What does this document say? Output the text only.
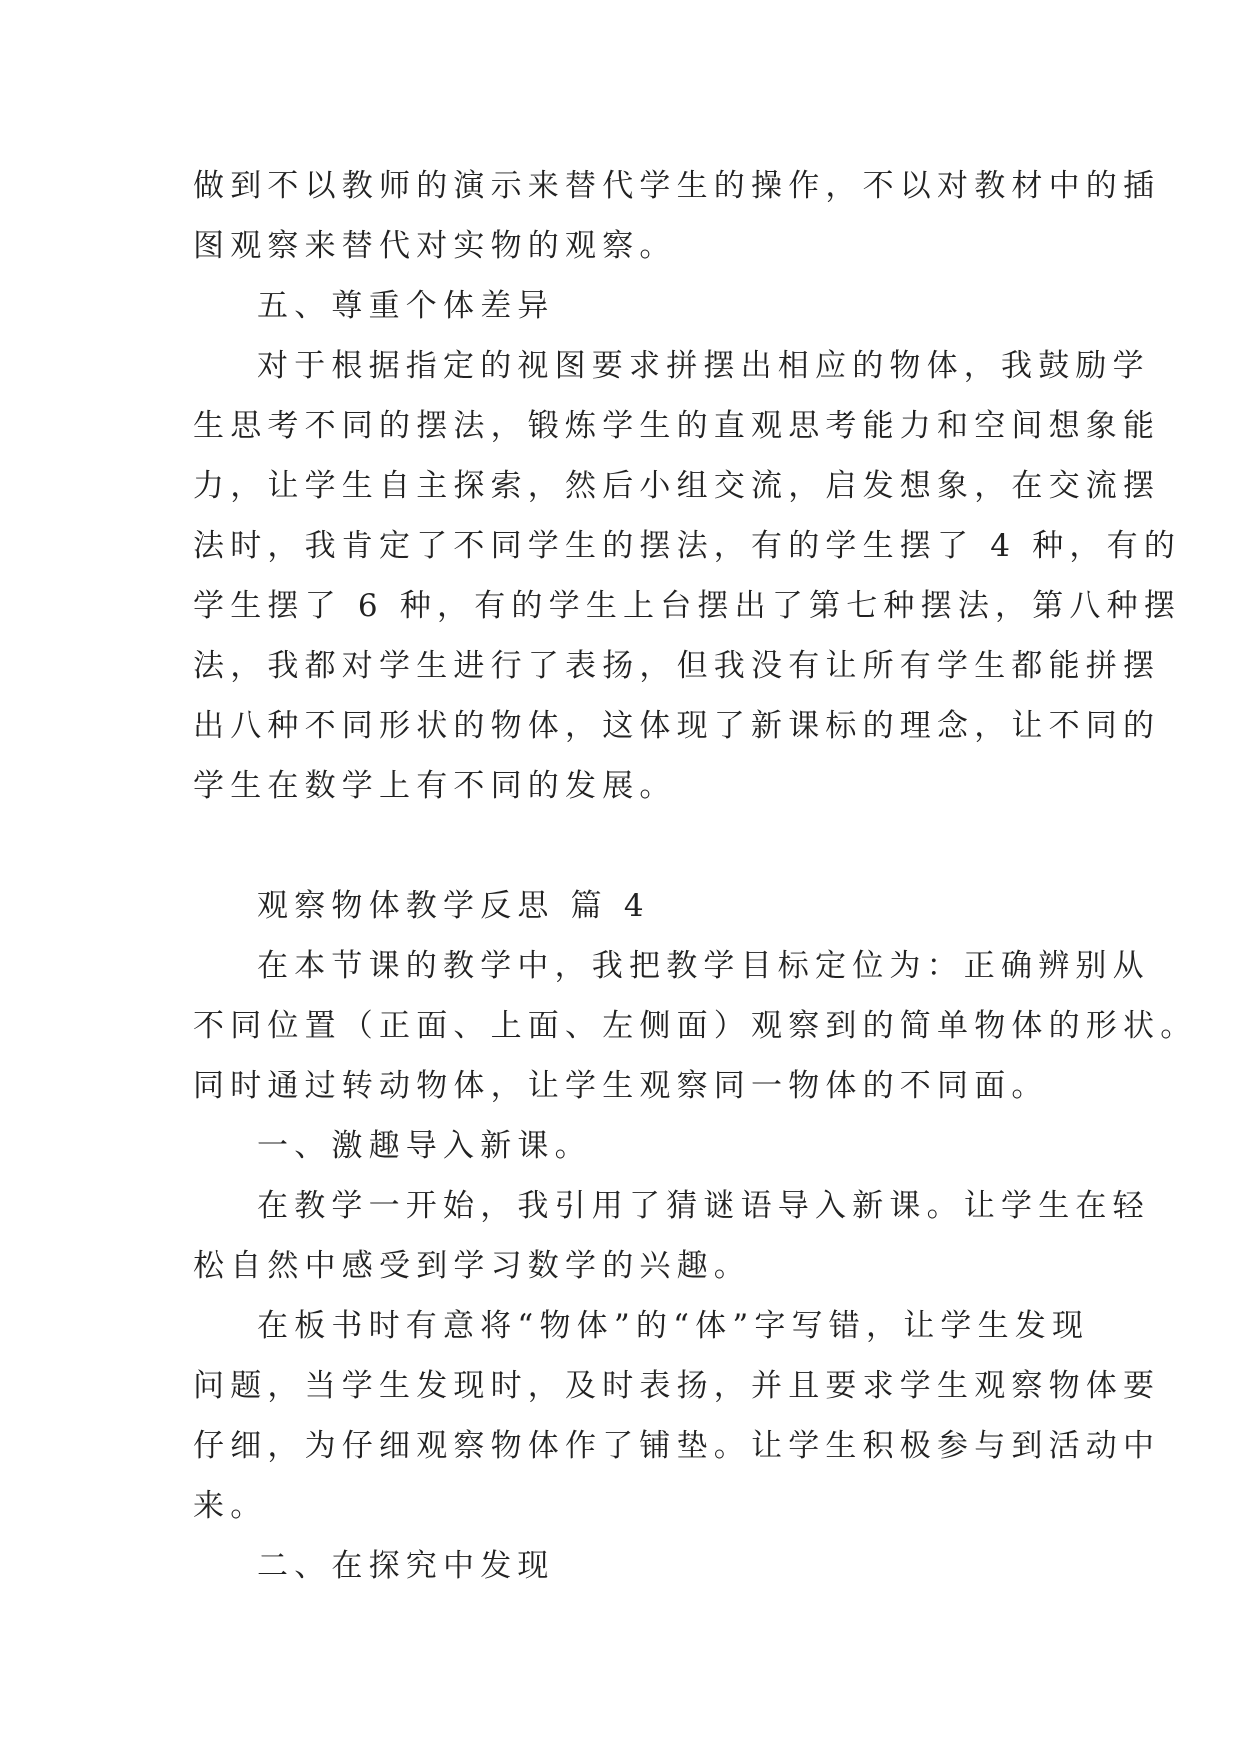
做到不以教师的演示来替代学生的操作，不以对教材中的插
图观察来替代对实物的观察。
五、尊重个体差异
对于根据指定的视图要求拼摆出相应的物体，我鼓励学
生思考不同的摆法，锻炼学生的直观思考能力和空间想象能
力，让学生自主探索，然后小组交流，启发想象，在交流摆
法时，我肯定了不同学生的摆法，有的学生摆了 4 种，有的
学生摆了 6 种，有的学生上台摆出了第七种摆法，第八种摆
法，我都对学生进行了表扬，但我没有让所有学生都能拼摆
出八种不同形状的物体，这体现了新课标的理念，让不同的
学生在数学上有不同的发展。
观察物体教学反思 篇 4
在本节课的教学中，我把教学目标定位为：正确辨别从
不同位置（正面、上面、左侧面）观察到的简单物体的形状。
同时通过转动物体，让学生观察同一物体的不同面。
一、激趣导入新课。
在教学一开始，我引用了猜谜语导入新课。让学生在轻
松自然中感受到学习数学的兴趣。
在板书时有意将“物体”的“体”字写错，让学生发现
问题，当学生发现时，及时表扬，并且要求学生观察物体要
仔细，为仔细观察物体作了铺垫。让学生积极参与到活动中
来。
二、在探究中发现
